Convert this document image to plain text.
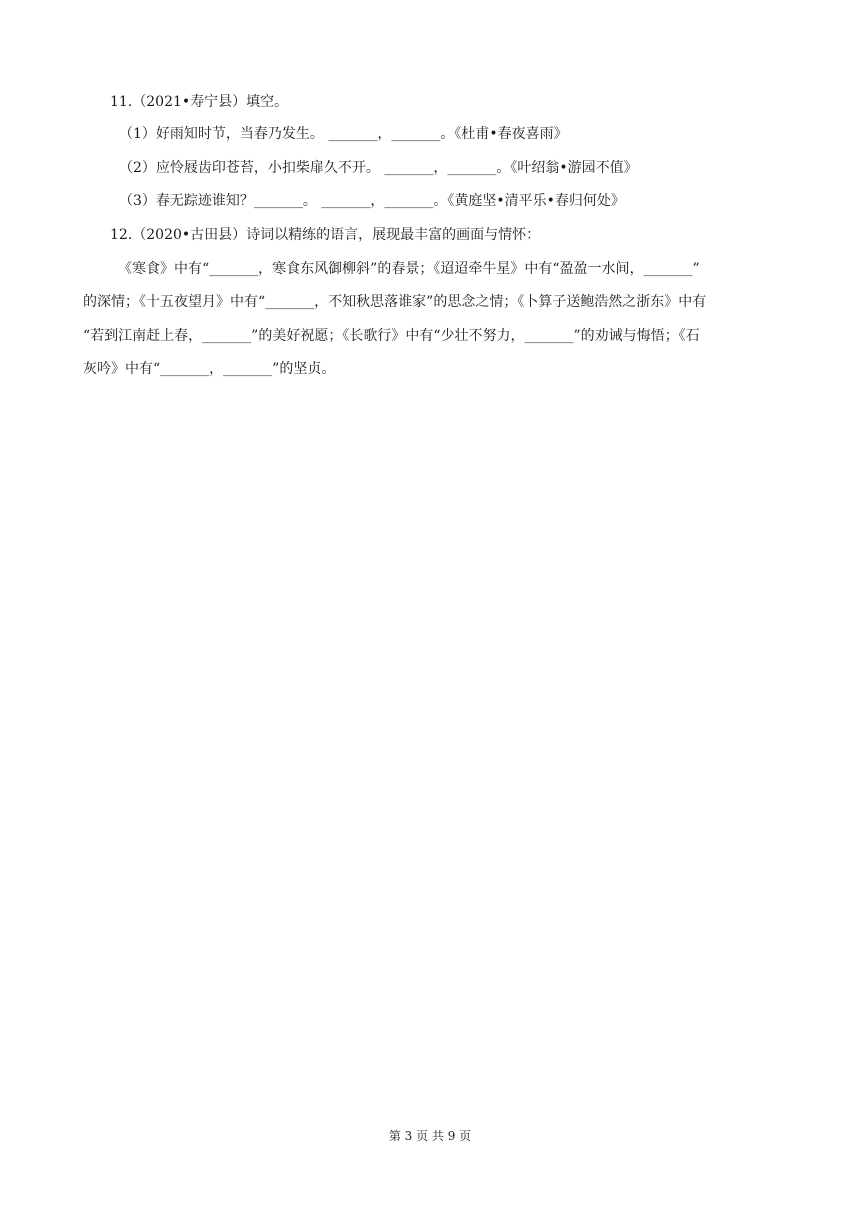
11.（2021•寿宁县）填空。
（1）好雨知时节，当春乃发生。 _______，_______。《杜甫•春夜喜雨》
（2）应怜屐齿印苍苔，小扣柴扉久不开。 _______，_______。《叶绍翁•游园不值》
（3）春无踪迹谁知？_______。 _______，_______。《黄庭坚•清平乐•春归何处》
12.（2020•古田县）诗词以精练的语言，展现最丰富的画面与情怀：
《寒食》中有“_______，寒食东风御柳斜”的春景；《迢迢牵牛星》中有“盈盈一水间，_______”
的深情；《十五夜望月》中有“_______，不知秋思落谁家”的思念之情；《卜算子送鲍浩然之浙东》中有
“若到江南赶上春，_______”的美好祝愿；《长歌行》中有“少壮不努力，_______”的劝诫与悔悟；《石
灰吟》中有“_______，_______”的坚贞。
第 3 页 共 9 页
